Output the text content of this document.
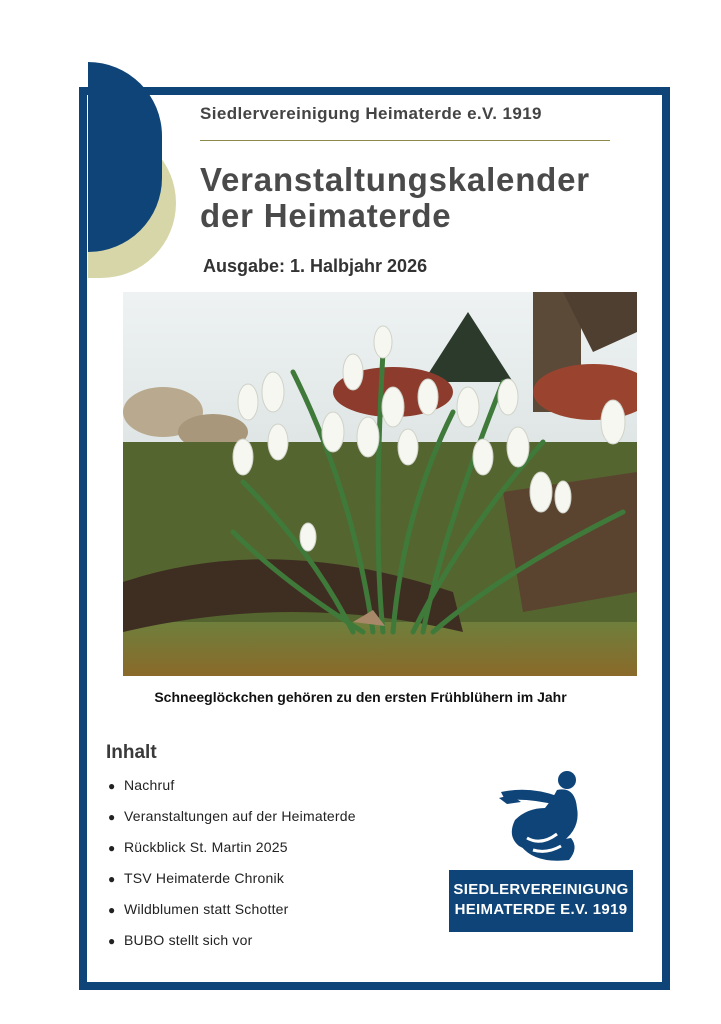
Siedlervereinigung Heimaterde e.V. 1919

Veranstaltungskalender
der Heimaterde

Ausgabe: 1. Halbjahr 2026

Schneeglöckchen gehören zu den ersten Frühblühern im Jahr

Inhalt
● Nachruf
● Veranstaltungen auf der Heimaterde
● Rückblick St. Martin 2025
● TSV Heimaterde Chronik
● Wildblumen statt Schotter
● BUBO stellt sich vor
SIEDLERVEREINIGUNG
HEIMATERDE E.V. 1919
